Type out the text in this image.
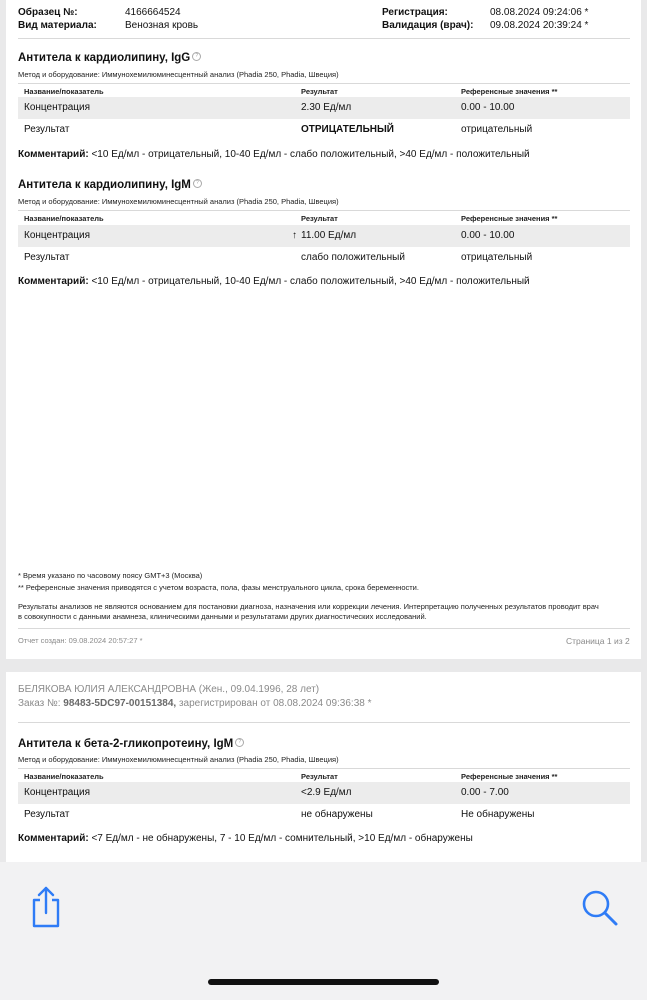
Образец №:	4166664524
Вид материала:	Венозная кровь
Регистрация:	08.08.2024 09:24:06 *
Валидация (врач): 09.08.2024 20:39:24 *
Антитела к кардиолипину, IgG ?
Метод и оборудование: Иммунохемилюминесцентный анализ (Phadia 250, Phadia, Швеция)
Название/показатель	Результат	Референсные значения **
Концентрация	2.30 Ед/мл	0.00 - 10.00
Результат	ОТРИЦАТЕЛЬНЫЙ	отрицательный
Комментарий: <10 Ед/мл - отрицательный, 10-40 Ед/мл - слабо положительный, >40 Ед/мл - положительный
Антитела к кардиолипину, IgM ?
Метод и оборудование: Иммунохемилюминесцентный анализ (Phadia 250, Phadia, Швеция)
Название/показатель	Результат	Референсные значения **
Концентрация	↑ 11.00 Ед/мл	0.00 - 10.00
Результат	слабо положительный	отрицательный
Комментарий: <10 Ед/мл - отрицательный, 10-40 Ед/мл - слабо положительный, >40 Ед/мл - положительный
* Время указано по часовому поясу GMT+3 (Москва)
** Референсные значения приводятся с учетом возраста, пола, фазы менструального цикла, срока беременности.
Результаты анализов не являются основанием для постановки диагноза, назначения или коррекции лечения. Интерпретацию полученных результатов проводит врач
в совокупности с данными анамнеза, клиническими данными и результатами других диагностических исследований.
Отчет создан: 09.08.2024 20:57:27 *	Страница 1 из 2
БЕЛЯКОВА ЮЛИЯ АЛЕКСАНДРОВНА (Жен., 09.04.1996, 28 лет)
Заказ №: 98483-5DC97-00151384, зарегистрирован от 08.08.2024 09:36:38 *
Антитела к бета-2-гликопротеину, IgM ?
Метод и оборудование: Иммунохемилюминесцентный анализ (Phadia 250, Phadia, Швеция)
Название/показатель	Результат	Референсные значения **
Концентрация	<2.9 Ед/мл	0.00 - 7.00
Результат	не обнаружены	Не обнаружены
Комментарий: <7 Ед/мл - не обнаружены, 7 - 10 Ед/мл - сомнительный, >10 Ед/мл - обнаружены
